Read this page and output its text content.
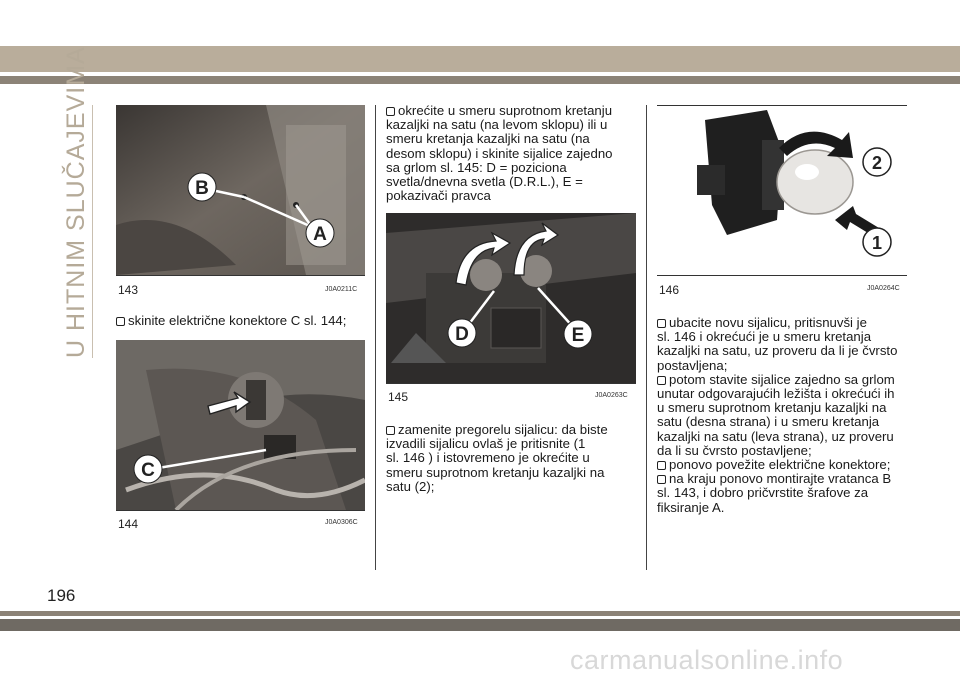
U HITNIM SLUČAJEVIMA	B
A
143	J0A0211C

skinite električne konektore C sl. 144;

C
144	J0A0306C

okrećite u smeru suprotnom kretanju

kazaljki na satu (na levom sklopu) ili u

smeru kretanja kazaljki na satu (na

desom sklopu) i skinite sijalice zajedno

sa grlom sl. 145: D = poziciona

svetla/dnevna svetla (D.R.L.), E =

pokazivači pravca

D	E
145	J0A0263C

zamenite pregorelu sijalicu: da biste

izvadili sijalicu ovlaš je pritisnite (1

sl. 146 ) i istovremeno je okrećite u

smeru suprotnom kretanju kazaljki na

satu (2);

2
1
146	J0A0264C

ubacite novu sijalicu, pritisnuvši je

sl. 146 i okrećući je u smeru kretanja

kazaljki na satu, uz proveru da li je čvrsto

postavljena;

potom stavite sijalice zajedno sa grlom

unutar odgovarajućih ležišta i okrećući ih

u smeru suprotnom kretanju kazaljki na

satu (desna strana) i u smeru kretanja

kazaljki na satu (leva strana), uz proveru

da li su čvrsto postavljene;

ponovo povežite električne konektore;

na kraju ponovo montirajte vratanca B

sl. 143, i dobro pričvrstite šrafove za

fiksiranje A.

196
carmanualsonline.info
